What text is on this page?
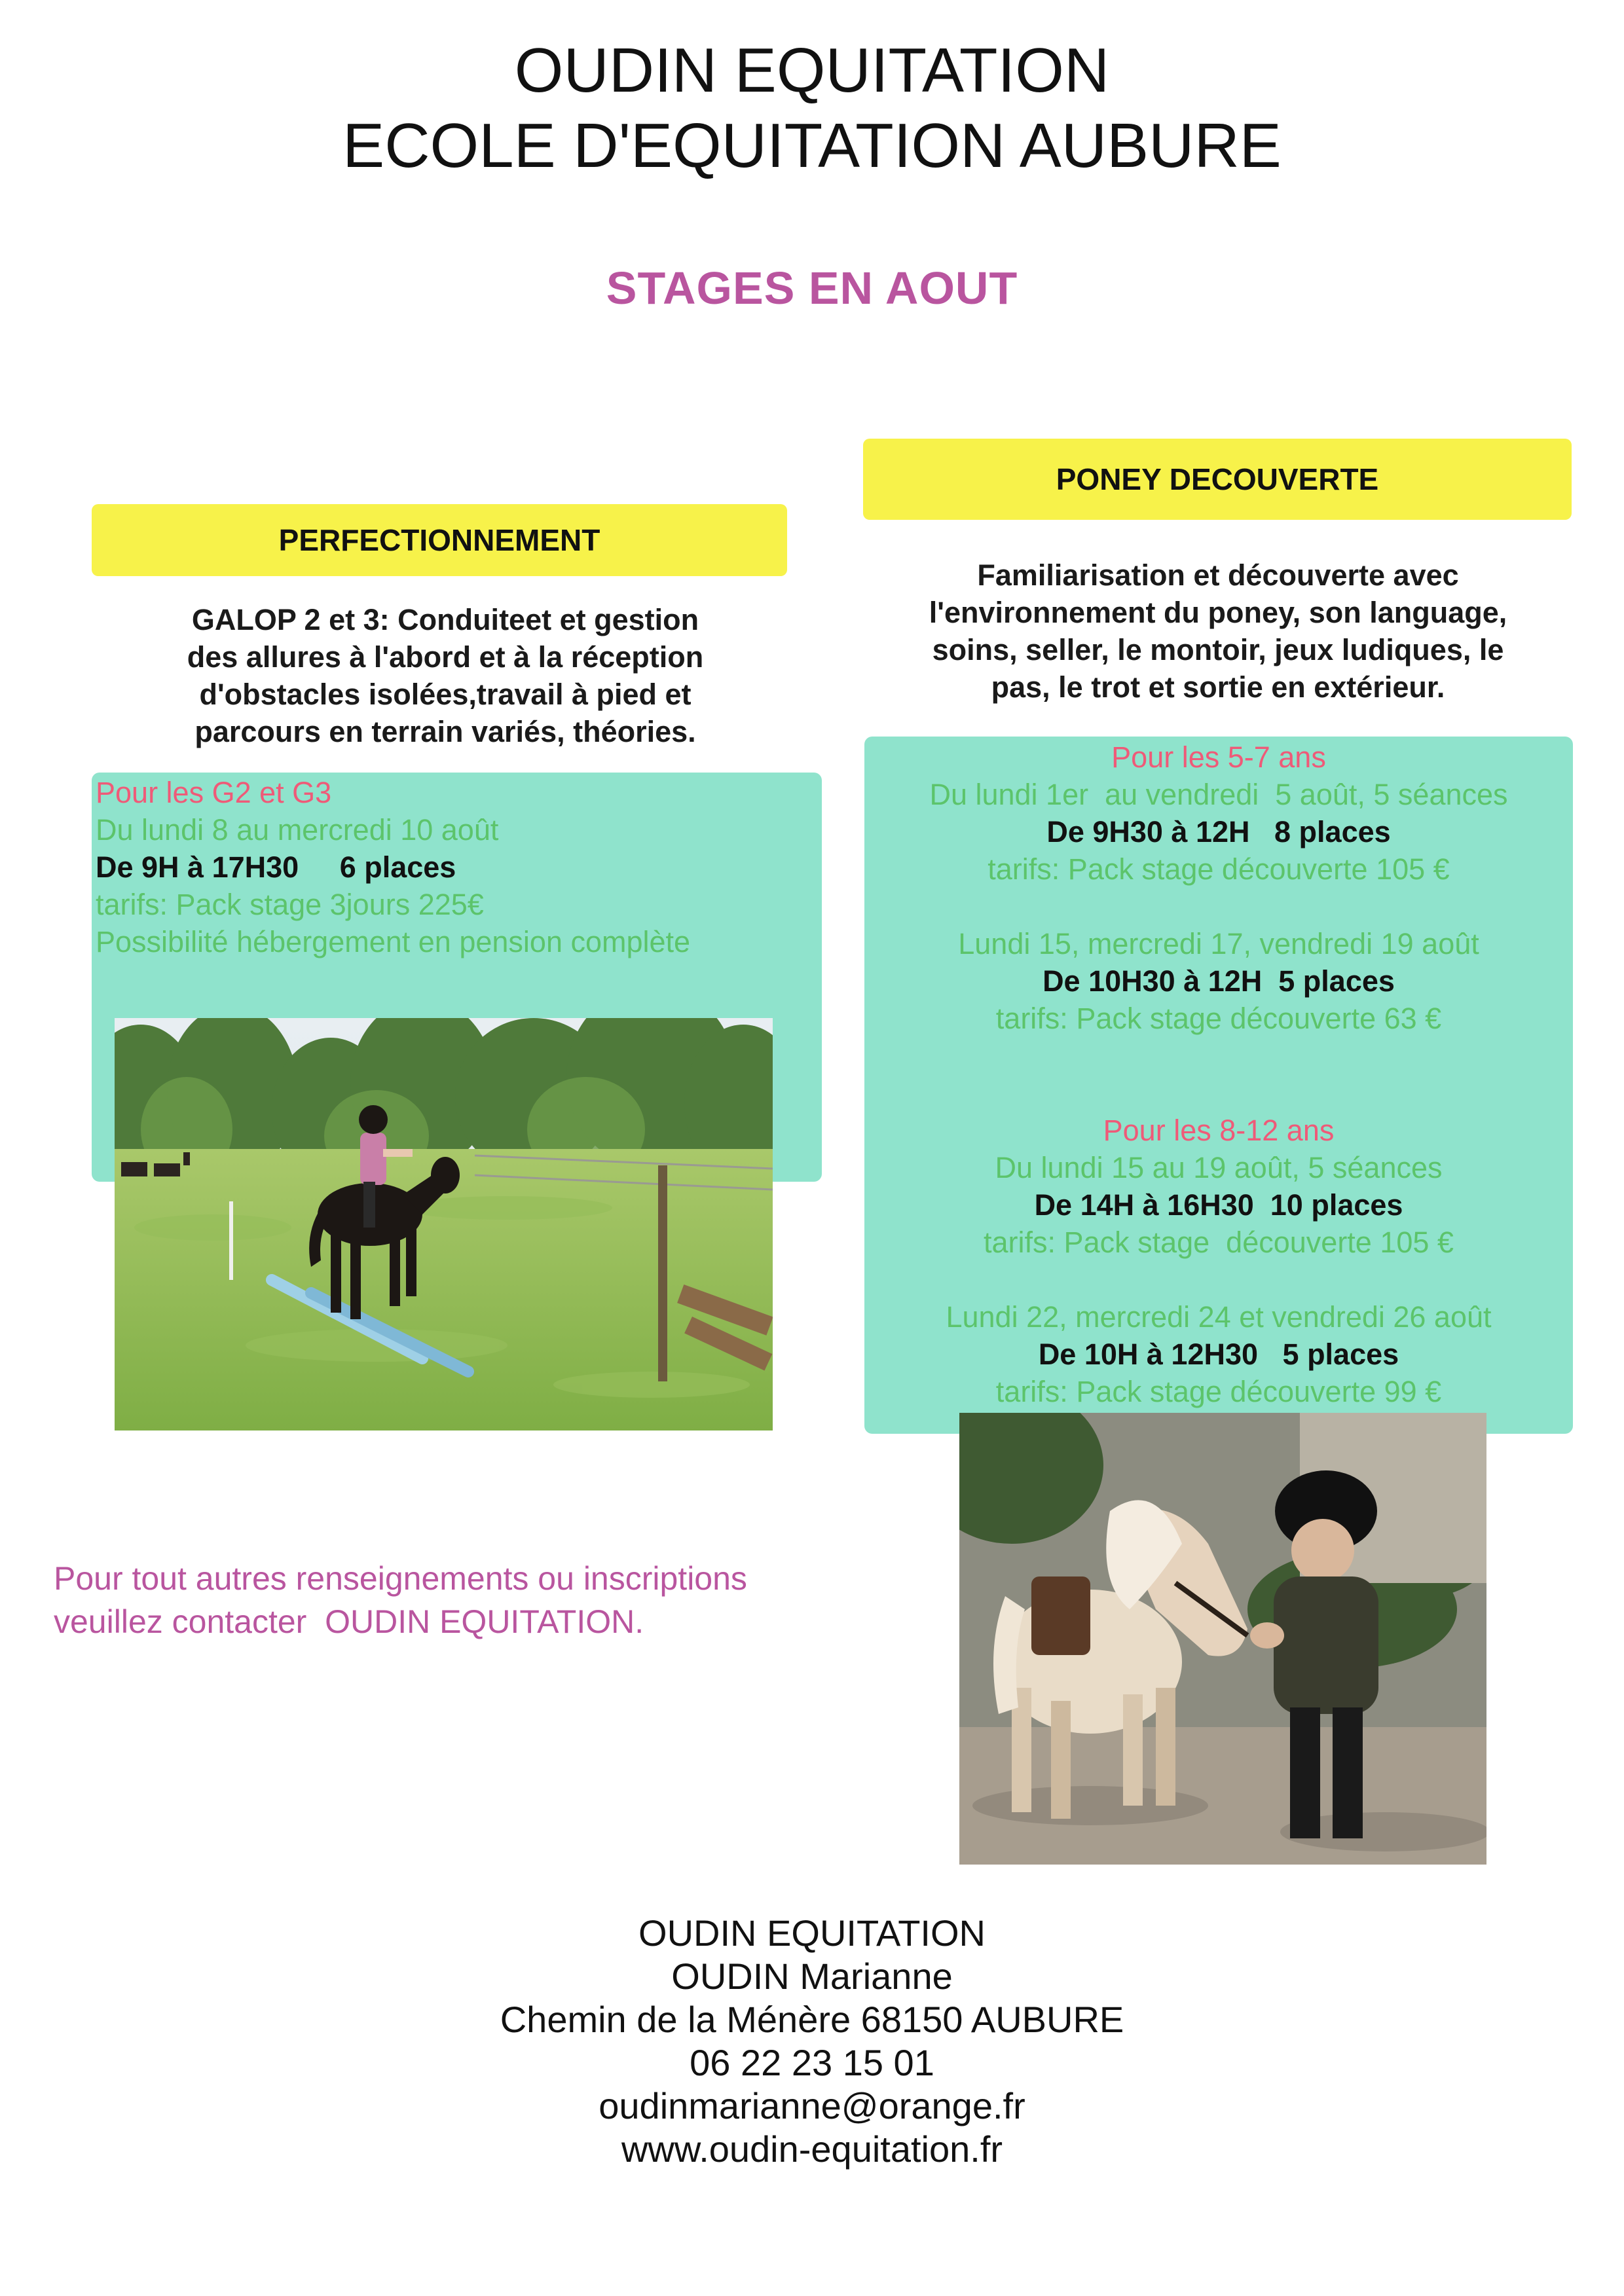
OUDIN EQUITATION
ECOLE D'EQUITATION AUBURE
STAGES EN AOUT
PERFECTIONNEMENT
GALOP 2 et 3: Conduiteet et gestion
des allures à l'abord et à la réception
d'obstacles isolées,travail à pied et
parcours en terrain variés, théories.
Pour les G2 et G3
Du lundi 8 au mercredi 10 août
De 9H à 17H30     6 places
tarifs: Pack stage 3jours 225€
Possibilité hébergement en pension complète
PONEY DECOUVERTE
Familiarisation et découverte avec
l'environnement du poney, son language,
soins, seller, le montoir, jeux ludiques, le
pas, le trot et sortie en extérieur.
Pour les 5-7 ans
Du lundi 1er  au vendredi  5 août, 5 séances
De 9H30 à 12H   8 places
tarifs: Pack stage découverte 105 €
Lundi 15, mercredi 17, vendredi 19 août
De 10H30 à 12H  5 places
tarifs: Pack stage découverte 63 €
Pour les 8-12 ans
Du lundi 15 au 19 août, 5 séances
De 14H à 16H30  10 places
tarifs: Pack stage  découverte 105 €
Lundi 22, mercredi 24 et vendredi 26 août
De 10H à 12H30   5 places
tarifs: Pack stage découverte 99 €
Pour tout autres renseignements ou inscriptions
veuillez contacter  OUDIN EQUITATION.
OUDIN EQUITATION
OUDIN Marianne
Chemin de la Ménère 68150 AUBURE
06 22 23 15 01
oudinmarianne@orange.fr
www.oudin-equitation.fr
